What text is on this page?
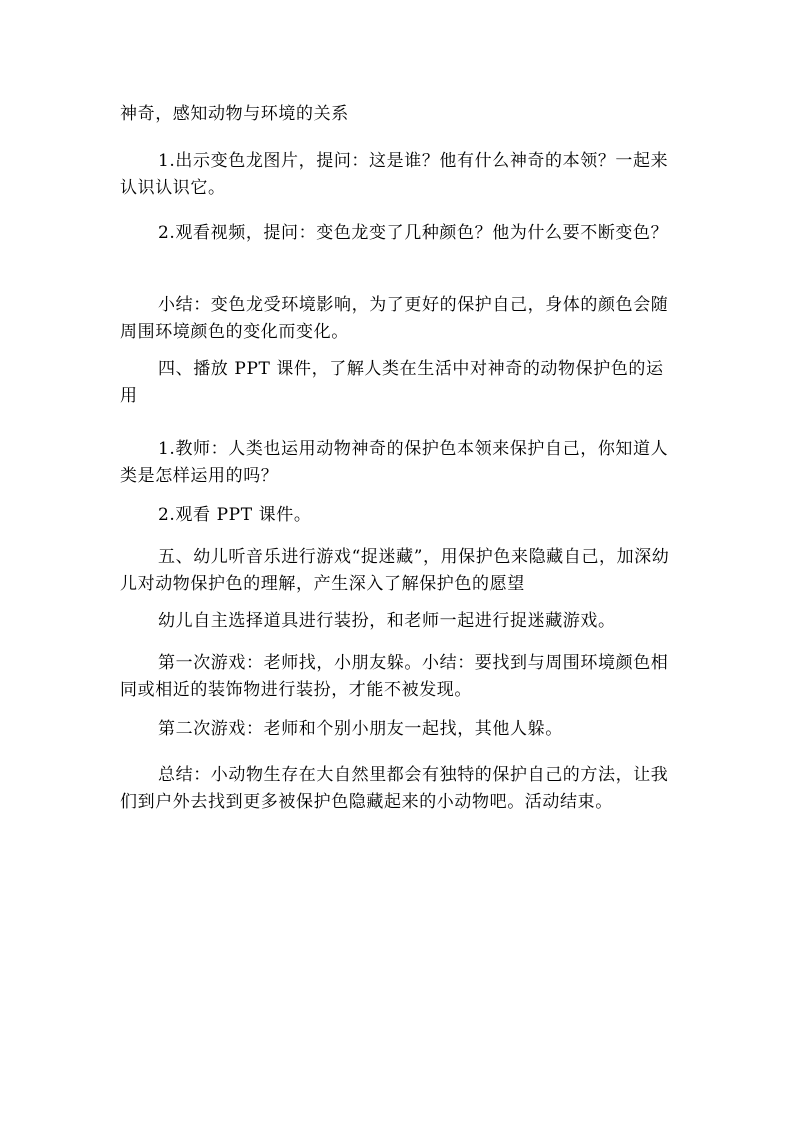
神奇，感知动物与环境的关系

1.出示变色龙图片，提问：这是谁？他有什么神奇的本领？一起来认识认识它。

2.观看视频，提问：变色龙变了几种颜色？他为什么要不断变色？

小结：变色龙受环境影响，为了更好的保护自己，身体的颜色会随周围环境颜色的变化而变化。

四、播放 PPT 课件，了解人类在生活中对神奇的动物保护色的运用

1.教师：人类也运用动物神奇的保护色本领来保护自己，你知道人类是怎样运用的吗？

2.观看 PPT 课件。

五、幼儿听音乐进行游戏“捉迷藏”，用保护色来隐藏自己，加深幼儿对动物保护色的理解，产生深入了解保护色的愿望

幼儿自主选择道具进行装扮，和老师一起进行捉迷藏游戏。

第一次游戏：老师找，小朋友躲。小结：要找到与周围环境颜色相同或相近的装饰物进行装扮，才能不被发现。

第二次游戏：老师和个别小朋友一起找，其他人躲。

总结：小动物生存在大自然里都会有独特的保护自己的方法，让我们到户外去找到更多被保护色隐藏起来的小动物吧。活动结束。
